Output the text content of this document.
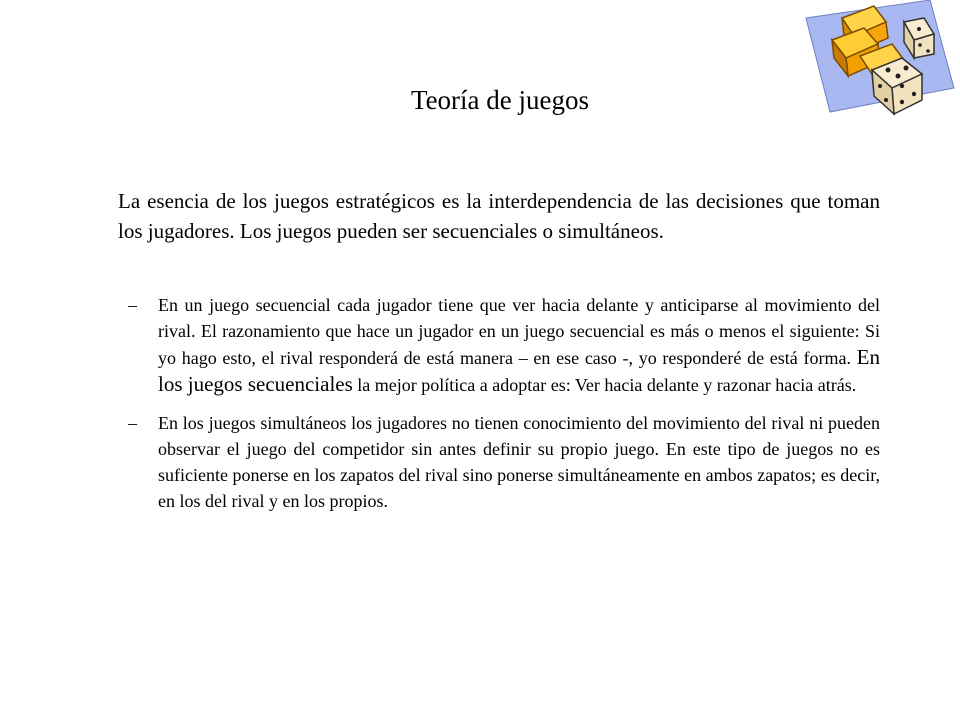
Teoría de juegos

La esencia de los juegos estratégicos es la interdependencia de las decisiones que toman los jugadores. Los juegos pueden ser secuenciales o simultáneos.

– En un juego secuencial cada jugador tiene que ver hacia delante y anticiparse al movimiento del rival. El razonamiento que hace un jugador en un juego secuencial es más o menos el siguiente: Si yo hago esto, el rival responderá de está manera – en ese caso -, yo responderé de está forma. En los juegos secuenciales la mejor política a adoptar es: Ver hacia delante y razonar hacia atrás.
– En los juegos simultáneos los jugadores no tienen conocimiento del movimiento del rival ni pueden observar el juego del competidor sin antes definir su propio juego. En este tipo de juegos no es suficiente ponerse en los zapatos del rival sino ponerse simultáneamente en ambos zapatos; es decir, en los del rival y en los propios.
